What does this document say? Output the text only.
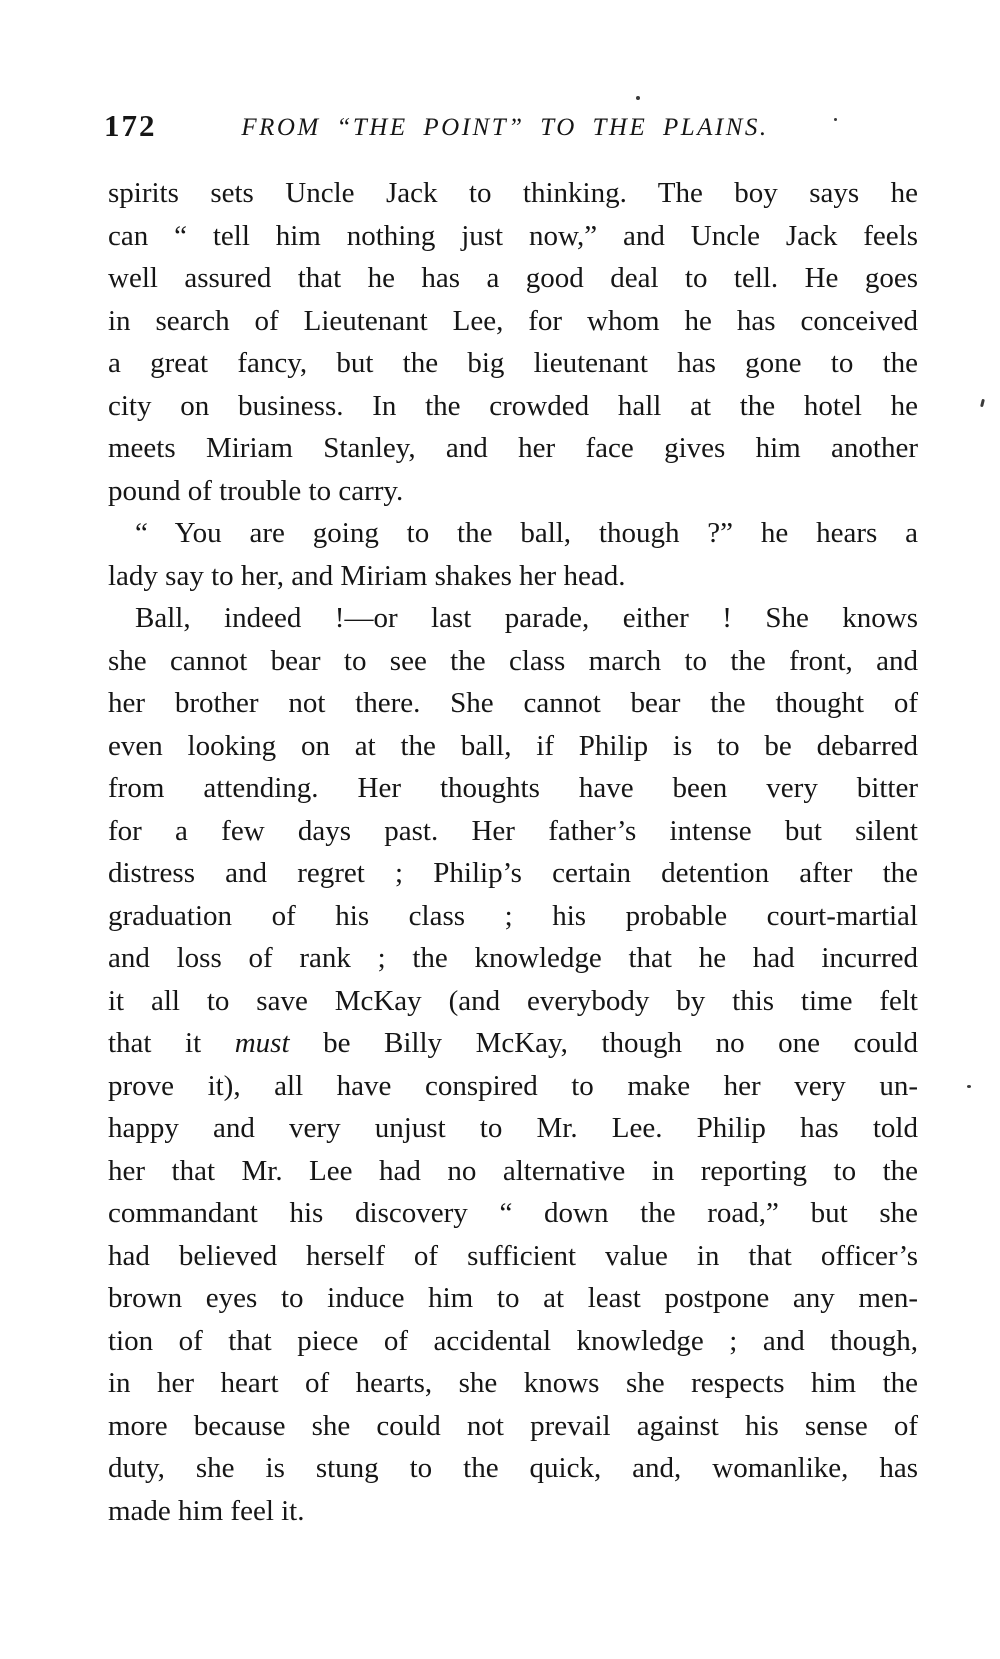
172	FROM “THE POINT” TO THE PLAINS.

spirits sets Uncle Jack to thinking. The boy says he
can “ tell him nothing just now,” and Uncle Jack feels
well assured that he has a good deal to tell. He goes
in search of Lieutenant Lee, for whom he has conceived
a great fancy, but the big lieutenant has gone to the
city on business. In the crowded hall at the hotel he
meets Miriam Stanley, and her face gives him another
pound of trouble to carry.

“ You are going to the ball, though ?” he hears a
lady say to her, and Miriam shakes her head.

Ball, indeed !—or last parade, either ! She knows
she cannot bear to see the class march to the front, and
her brother not there. She cannot bear the thought of
even looking on at the ball, if Philip is to be debarred
from attending. Her thoughts have been very bitter
for a few days past. Her father’s intense but silent
distress and regret ; Philip’s certain detention after the
graduation of his class ; his probable court-martial
and loss of rank ; the knowledge that he had incurred
it all to save McKay (and everybody by this time felt
that it must be Billy McKay, though no one could
prove it), all have conspired to make her very un-
happy and very unjust to Mr. Lee. Philip has told
her that Mr. Lee had no alternative in reporting to the
commandant his discovery “ down the road,” but she
had believed herself of sufficient value in that officer’s
brown eyes to induce him to at least postpone any men-
tion of that piece of accidental knowledge ; and though,
in her heart of hearts, she knows she respects him the
more because she could not prevail against his sense of
duty, she is stung to the quick, and, womanlike, has
made him feel it.
